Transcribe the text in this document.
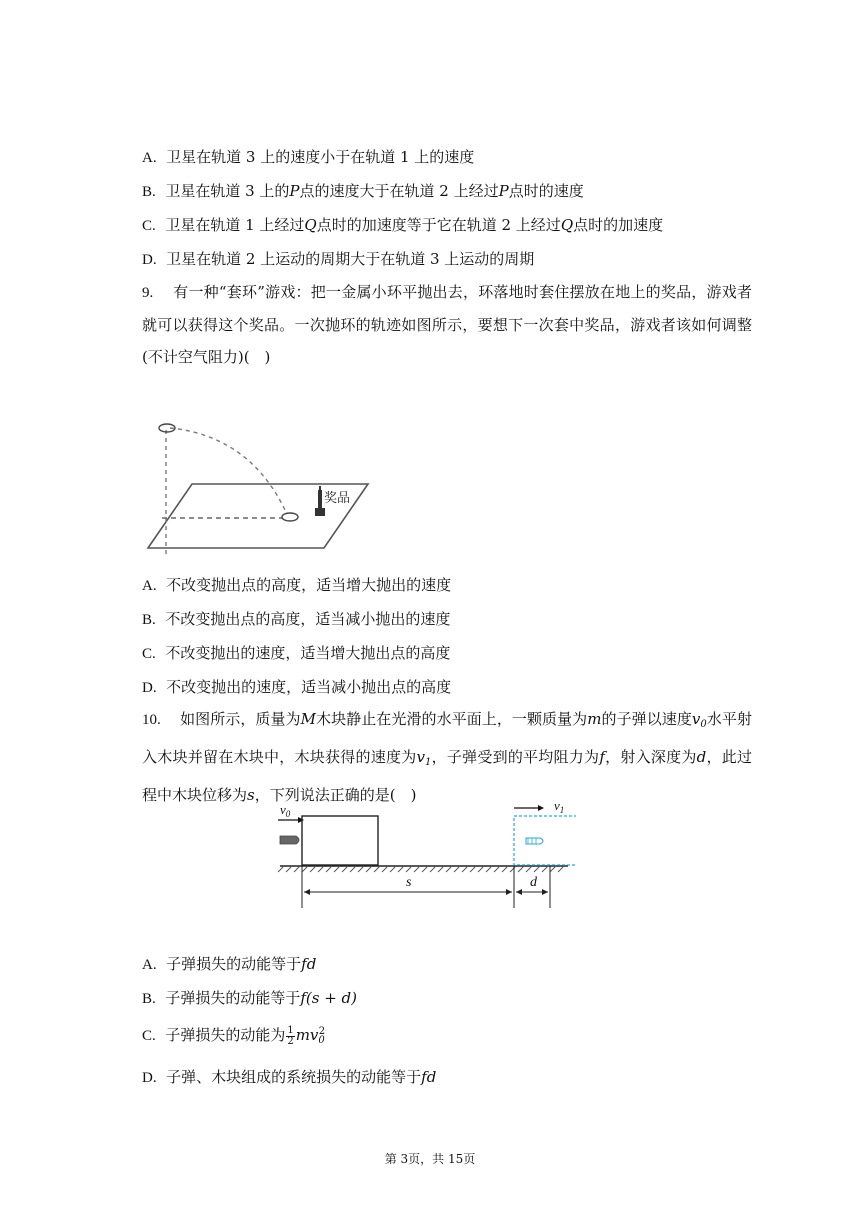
A. 卫星在轨道 3 上的速度小于在轨道 1 上的速度
B. 卫星在轨道 3 上的P点的速度大于在轨道 2 上经过P点时的速度
C. 卫星在轨道 1 上经过Q点时的加速度等于它在轨道 2 上经过Q点时的加速度
D. 卫星在轨道 2 上运动的周期大于在轨道 3 上运动的周期
9. 有一种“套环”游戏：把一金属小环平抛出去，环落地时套住摆放在地上的奖品，游戏者就可以获得这个奖品。一次抛环的轨迹如图所示，要想下一次套中奖品，游戏者该如何调整(不计空气阻力)( )
奖品
A. 不改变抛出点的高度，适当增大抛出的速度
B. 不改变抛出点的高度，适当减小抛出的速度
C. 不改变抛出的速度，适当增大抛出点的高度
D. 不改变抛出的速度，适当减小抛出点的高度
10. 如图所示，质量为M木块静止在光滑的水平面上，一颗质量为m的子弹以速度$v_0$水平射入木块并留在木块中，木块获得的速度为$v_1$，子弹受到的平均阻力为f，射入深度为d，此过程中木块位移为s，下列说法正确的是( )
$v_0$
$v_1$
s	d
A. 子弹损失的动能等于fd
B. 子弹损失的动能等于f(s + d)
C. 子弹损失的动能为 $\frac{1}{2} mv_0^2$
D. 子弹、木块组成的系统损失的动能等于fd
第 3页，共 15页
